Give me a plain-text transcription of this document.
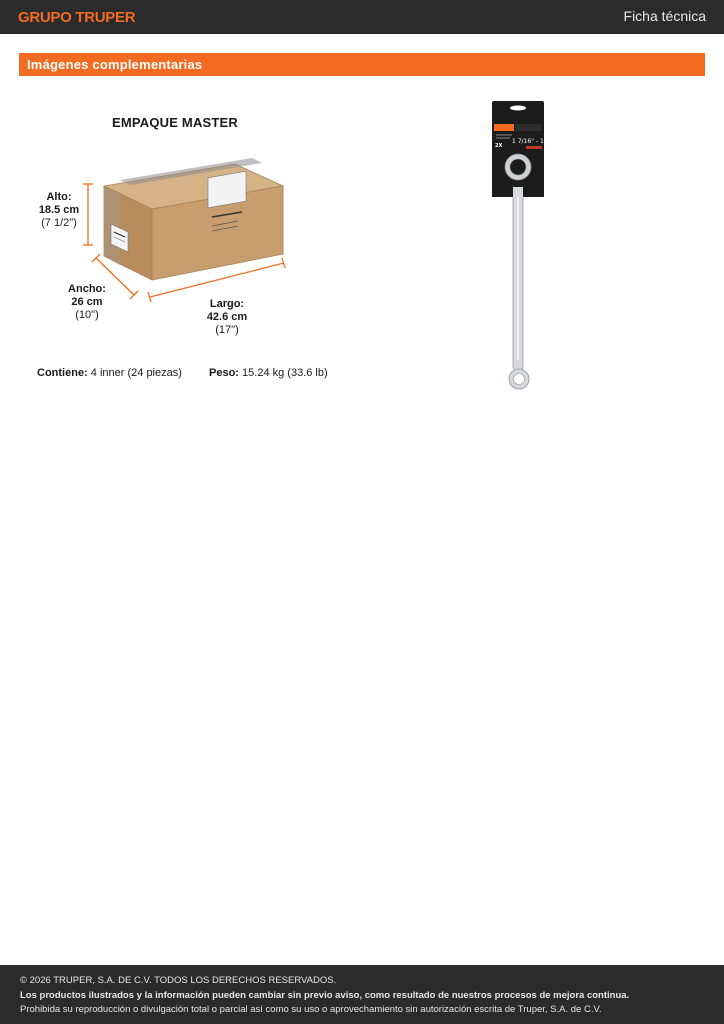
GRUPO TRUPER	Ficha técnica
Imágenes complementarias
EMPAQUE MASTER
Alto:
18.5 cm
(7 1/2")
Ancho:
26 cm
(10")
Largo:
42.6 cm
(17")
Contiene: 4 inner (24 piezas) Peso: 15.24 kg (33.6 lb)
1 7/16" - 1 5/8"
2X

© 2026 TRUPER, S.A. DE C.V. TODOS LOS DERECHOS RESERVADOS.

Los productos ilustrados y la información pueden cambiar sin previo aviso, como resultado de nuestros procesos de mejora continua.

Prohibida su reproducción o divulgación total o parcial así como su uso o aprovechamiento sin autorización escrita de Truper, S.A. de C.V.
